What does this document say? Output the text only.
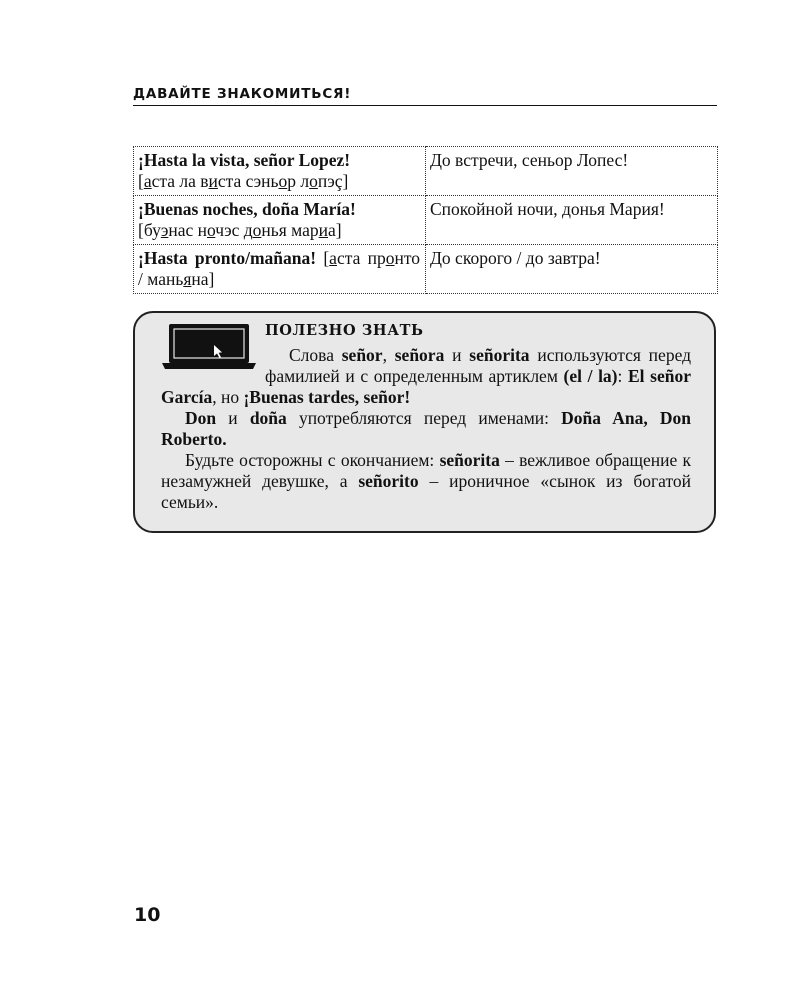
ДАВАЙТЕ ЗНАКОМИТЬСЯ!
¡Hasta la vista, señor Lopez!
[аста ла виста сэньор лопэç]	До встречи, сеньор Лопес!
¡Buenas noches, doña María!
[буэнас ночэс донья мариа]	Спокойной ночи, донья Мария!
¡Hasta pronto/mañana! [аста пронто / маньяна]	До скорого / до завтра!
ПОЛЕЗНО ЗНАТЬ

Слова señor, señora и señorita используются перед фамилией и с определенным артиклем (el / la): El señor García, но ¡Buenas tardes, señor!

Don и doña употребляются перед именами: Doña Ana, Don Roberto.

Будьте осторожны с окончанием: señorita – вежливое обращение к незамужней девушке, а señorito – ироничное «сынок из богатой семьи».

10
